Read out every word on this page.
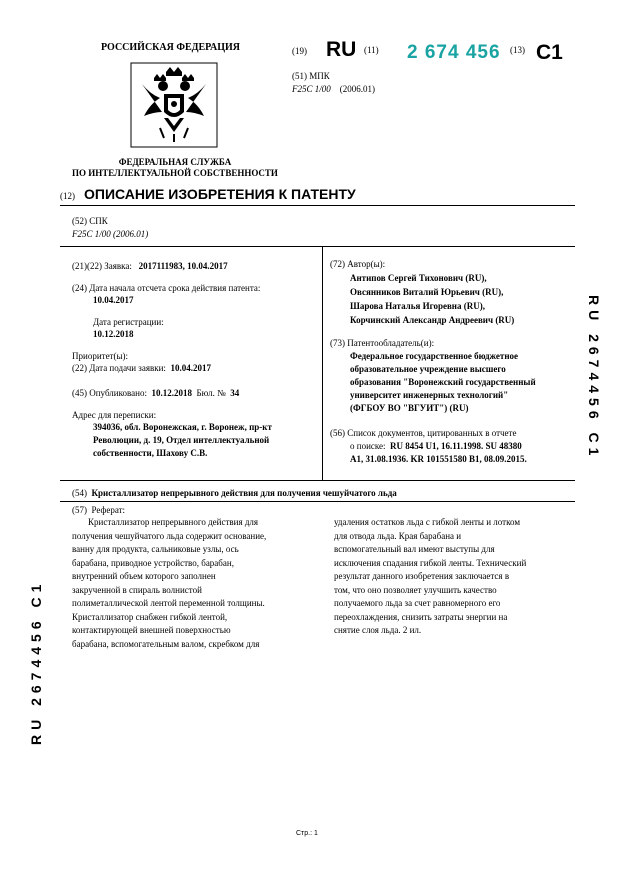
РОССИЙСКАЯ ФЕДЕРАЦИЯ
ФЕДЕРАЛЬНАЯ СЛУЖБА
ПО ИНТЕЛЛЕКТУАЛЬНОЙ СОБСТВЕННОСТИ
(19) RU (11) 2 674 456 (13) C1
(51) МПК
F25C 1/00 (2006.01)
(12) ОПИСАНИЕ ИЗОБРЕТЕНИЯ К ПАТЕНТУ
(52) СПК
F25C 1/00 (2006.01)
(21)(22) Заявка: 2017111983, 10.04.2017
(24) Дата начала отсчета срока действия патента:
10.04.2017
Дата регистрации:
10.12.2018
Приоритет(ы):
(22) Дата подачи заявки: 10.04.2017
(45) Опубликовано: 10.12.2018 Бюл. № 34
Адрес для переписки:
394036, обл. Воронежская, г. Воронеж, пр-кт
Революции, д. 19, Отдел интеллектуальной
собственности, Шахову С.В.
(72) Автор(ы):
Антипов Сергей Тихонович (RU),
Овсянников Виталий Юрьевич (RU),
Шарова Наталья Игоревна (RU),
Корчинский Александр Андреевич (RU)
(73) Патентообладатель(и):
Федеральное государственное бюджетное
образовательное учреждение высшего
образования "Воронежский государственный
университет инженерных технологий"
(ФГБОУ ВО "ВГУИТ") (RU)
(56) Список документов, цитированных в отчете
о поиске: RU 8454 U1, 16.11.1998. SU 48380
A1, 31.08.1936. KR 101551580 B1, 08.09.2015.
(54) Кристаллизатор непрерывного действия для получения чешуйчатого льда
(57) Реферат:
Кристаллизатор непрерывного действия для
получения чешуйчатого льда содержит основание,
ванну для продукта, сальниковые узлы, ось
барабана, приводное устройство, барабан,
внутренний объем которого заполнен
закрученной в спираль волнистой
полиметаллической лентой переменной толщины.
Кристаллизатор снабжен гибкой лентой,
контактирующей внешней поверхностью
барабана, вспомогательным валом, скребком для
удаления остатков льда с гибкой ленты и лотком
для отвода льда. Края барабана и
вспомогательный вал имеют выступы для
исключения спадания гибкой ленты. Технический
результат данного изобретения заключается в
том, что оно позволяет улучшить качество
получаемого льда за счет равномерного его
переохлаждения, снизить затраты энергии на
снятие слоя льда. 2 ил.
RU 2674456 C1
RU 2674456 C1
Стр.: 1
